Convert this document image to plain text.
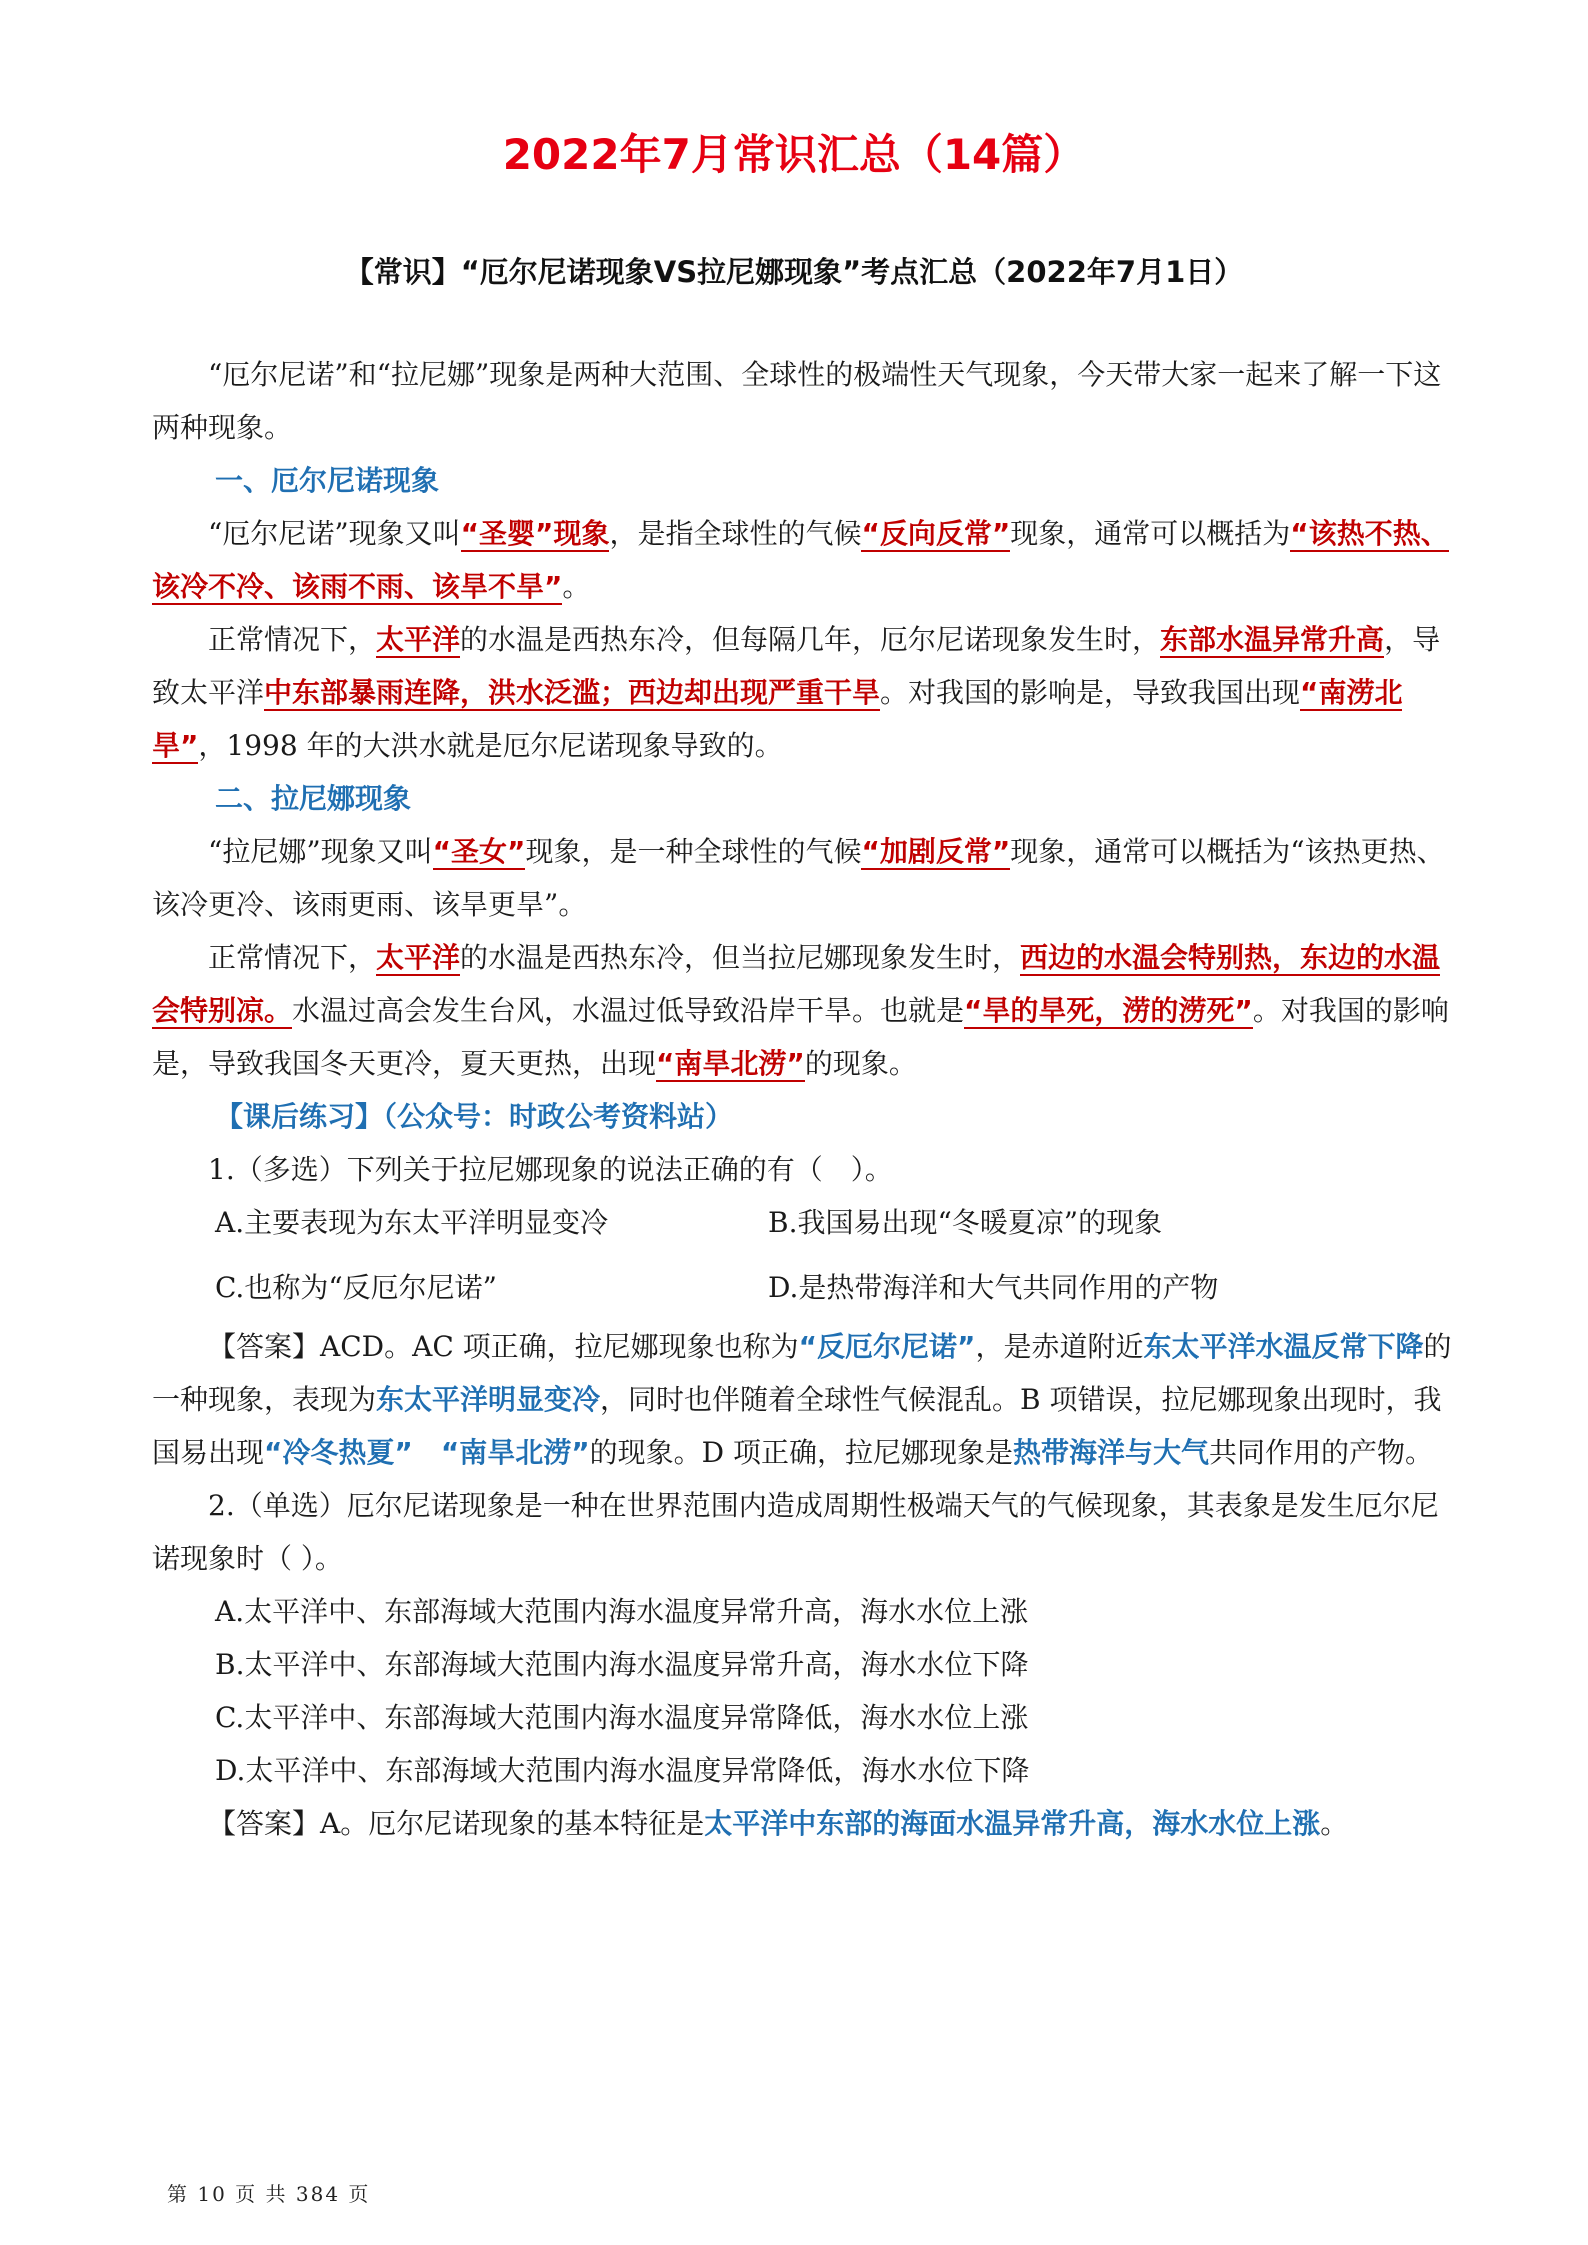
2022年7月常识汇总（14篇）
【常识】“厄尔尼诺现象VS拉尼娜现象”考点汇总（2022年7月1日）

“厄尔尼诺”和“拉尼娜”现象是两种大范围、全球性的极端性天气现象，今天带大家一起来了解一下这两种现象。

一、厄尔尼诺现象

“厄尔尼诺”现象又叫“圣婴”现象，是指全球性的气候“反向反常”现象，通常可以概括为“该热不热、该冷不冷、该雨不雨、该旱不旱”。

正常情况下，太平洋的水温是西热东冷，但每隔几年，厄尔尼诺现象发生时，东部水温异常升高，导致太平洋中东部暴雨连降，洪水泛滥；西边却出现严重干旱。对我国的影响是，导致我国出现“南涝北旱”，1998 年的大洪水就是厄尔尼诺现象导致的。

二、拉尼娜现象

“拉尼娜”现象又叫“圣女”现象，是一种全球性的气候“加剧反常”现象，通常可以概括为“该热更热、该冷更冷、该雨更雨、该旱更旱”。

正常情况下，太平洋的水温是西热东冷，但当拉尼娜现象发生时，西边的水温会特别热，东边的水温会特别凉。水温过高会发生台风，水温过低导致沿岸干旱。也就是“旱的旱死，涝的涝死”。对我国的影响是，导致我国冬天更冷，夏天更热，出现“南旱北涝”的现象。

【课后练习】（公众号：时政公考资料站）

1.（多选）下列关于拉尼娜现象的说法正确的有（　）。

A.主要表现为东太平洋明显变冷	B.我国易出现“冬暖夏凉”的现象
C.也称为“反厄尔尼诺”	D.是热带海洋和大气共同作用的产物

【答案】ACD。AC 项正确，拉尼娜现象也称为“反厄尔尼诺”，是赤道附近东太平洋水温反常下降的一种现象，表现为东太平洋明显变冷，同时也伴随着全球性气候混乱。B 项错误，拉尼娜现象出现时，我国易出现“冷冬热夏”　 “南旱北涝”的现象。D 项正确，拉尼娜现象是热带海洋与大气共同作用的产物。

2.（单选）厄尔尼诺现象是一种在世界范围内造成周期性极端天气的气候现象，其表象是发生厄尔尼诺现象时（ ）。

A.太平洋中、东部海域大范围内海水温度异常升高，海水水位上涨
B.太平洋中、东部海域大范围内海水温度异常升高，海水水位下降
C.太平洋中、东部海域大范围内海水温度异常降低，海水水位上涨
D.太平洋中、东部海域大范围内海水温度异常降低，海水水位下降

【答案】A。厄尔尼诺现象的基本特征是太平洋中东部的海面水温异常升高，海水水位上涨。

第 10 页 共 384 页
